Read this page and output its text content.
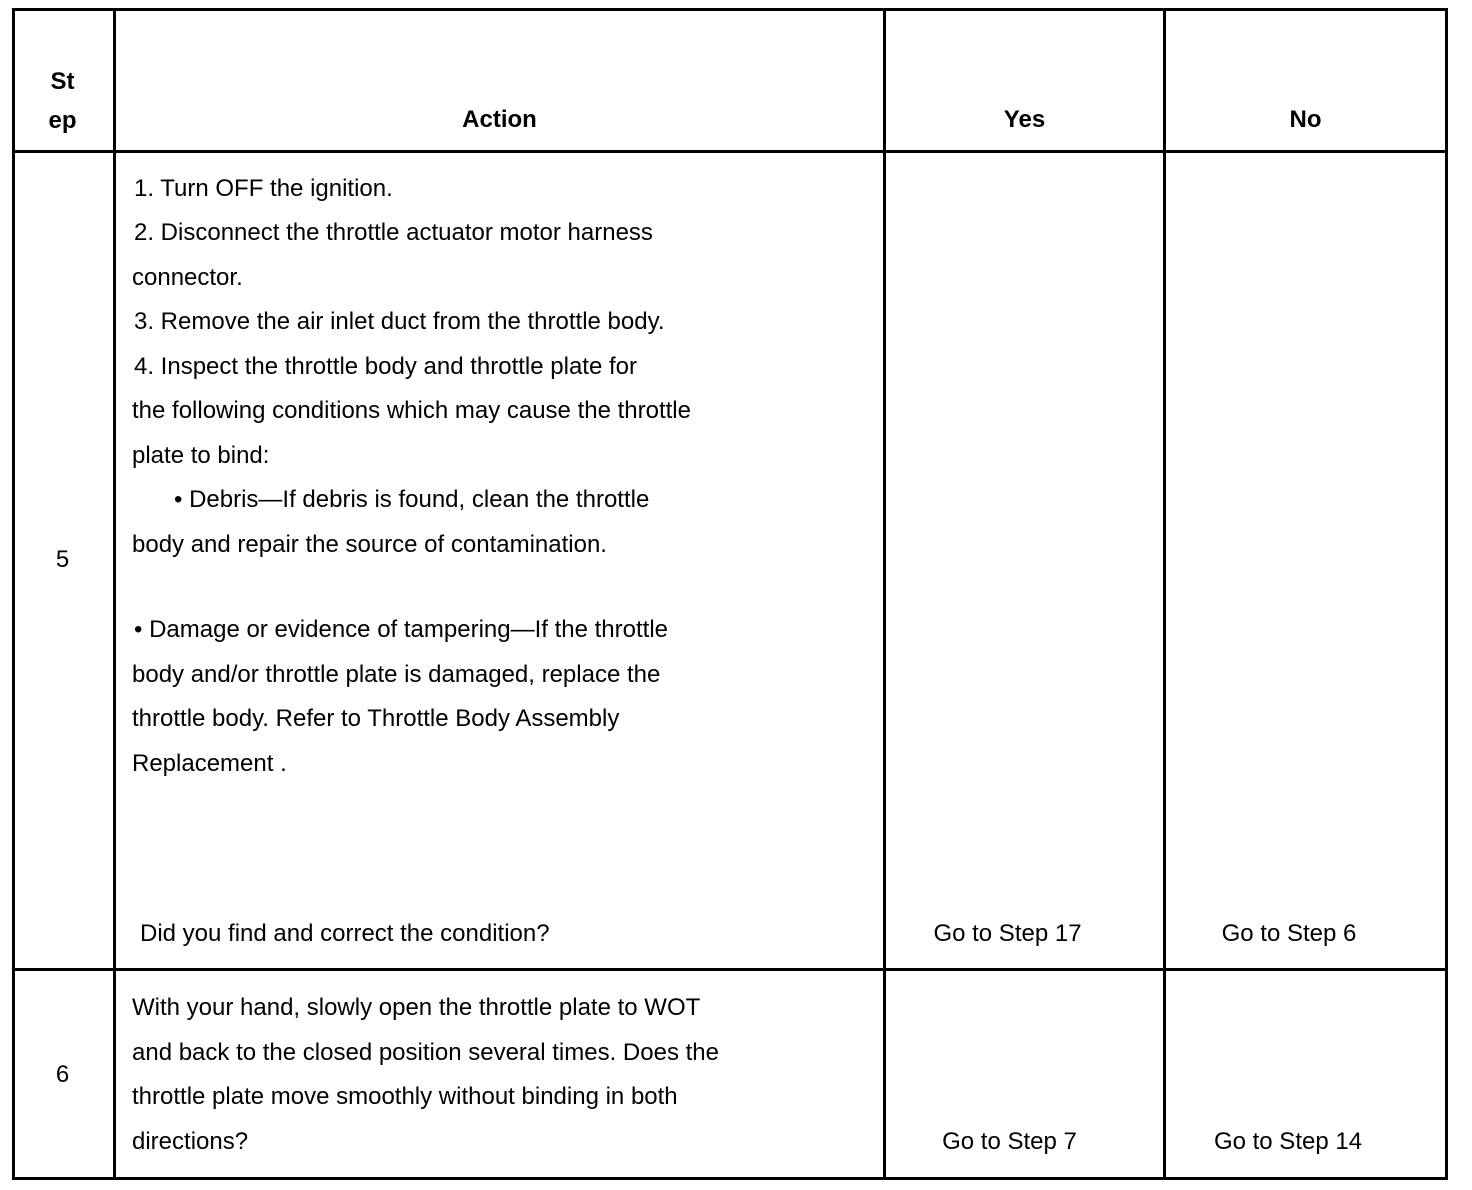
St
ep	Action	Yes	No
5
1. Turn OFF the ignition.
2. Disconnect the throttle actuator motor harness
connector.
3. Remove the air inlet duct from the throttle body.
4. Inspect the throttle body and throttle plate for
the following conditions which may cause the throttle
plate to bind:
• Debris—If debris is found, clean the throttle
body and repair the source of contamination.
• Damage or evidence of tampering—If the throttle
body and/or throttle plate is damaged, replace the
throttle body. Refer to Throttle Body Assembly
Replacement .
Did you find and correct the condition?	Go to Step 17	Go to Step 6
6
With your hand, slowly open the throttle plate to WOT
and back to the closed position several times. Does the
throttle plate move smoothly without binding in both
directions?	Go to Step 7	Go to Step 14
